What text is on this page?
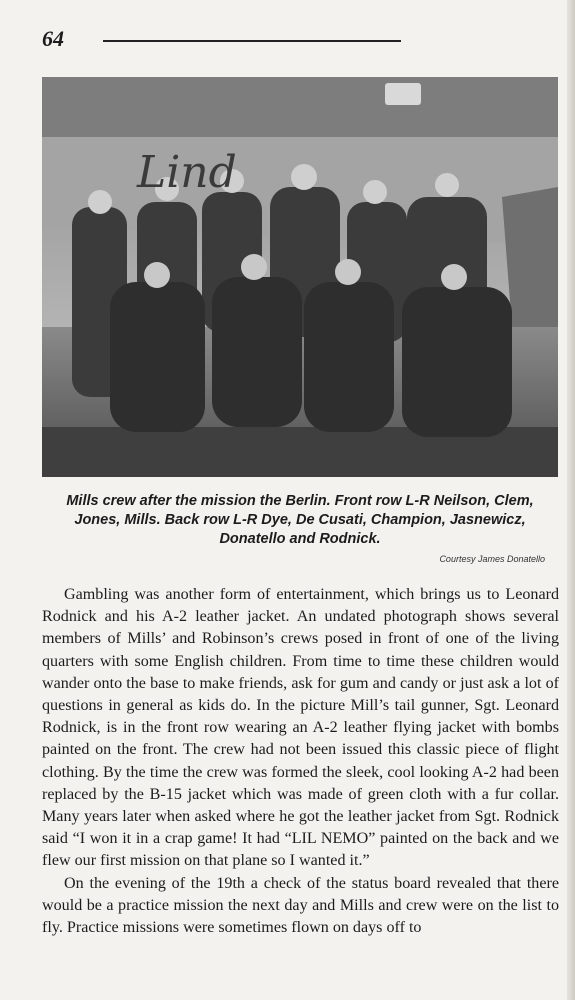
64
Lind

Mills crew after the mission the Berlin. Front row L-R Neilson, Clem, Jones, Mills. Back row L-R Dye, De Cusati, Champion, Jasnewicz, Donatello and Rodnick.

Courtesy James Donatello

Gambling was another form of entertainment, which brings us to Leonard Rodnick and his A-2 leather jacket. An undated photograph shows several members of Mills’ and Robinson’s crews posed in front of one of the living quarters with some English children. From time to time these children would wander onto the base to make friends, ask for gum and candy or just ask a lot of questions in general as kids do. In the picture Mill’s tail gunner, Sgt. Leonard Rodnick, is in the front row wearing an A-2 leather flying jacket with bombs painted on the front. The crew had not been issued this classic piece of flight clothing. By the time the crew was formed the sleek, cool looking A-2 had been replaced by the B-15 jacket which was made of green cloth with a fur collar. Many years later when asked where he got the leather jacket from Sgt. Rodnick said “I won it in a crap game! It had “LIL NEMO” painted on the back and we flew our first mission on that plane so I wanted it.”

On the evening of the 19th a check of the status board revealed that there would be a practice mission the next day and Mills and crew were on the list to fly. Practice missions were sometimes flown on days off to
